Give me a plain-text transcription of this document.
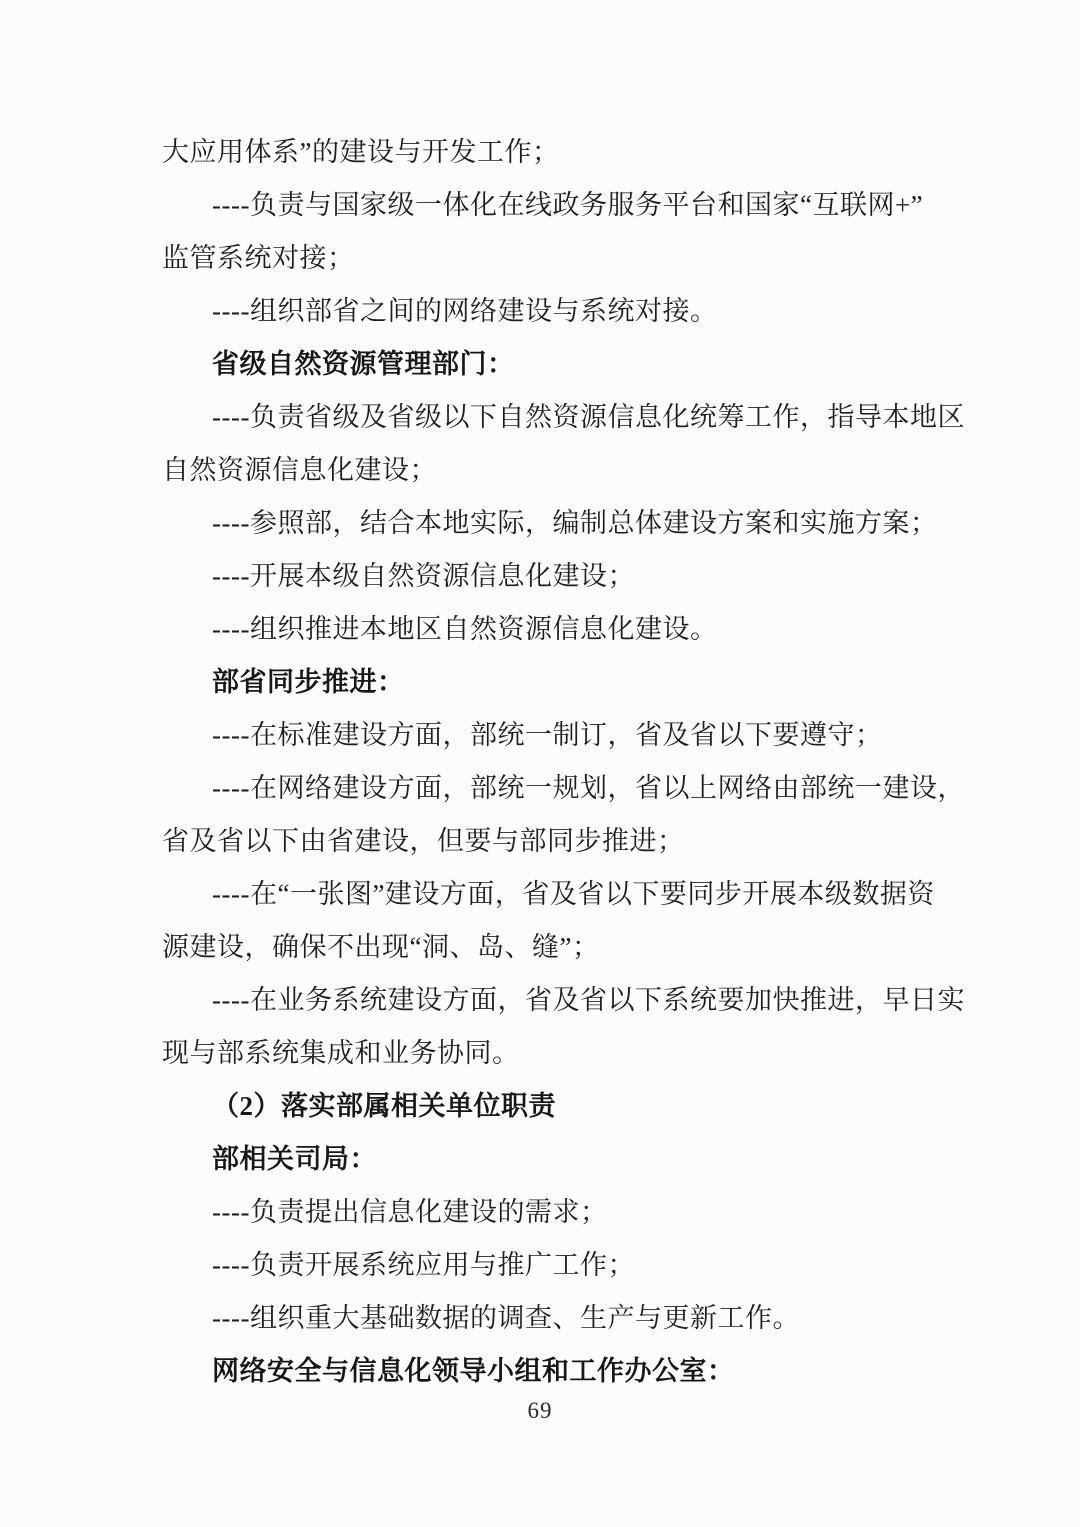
大应用体系”的建设与开发工作；

----负责与国家级一体化在线政务服务平台和国家“互联网+”

监管系统对接；

----组织部省之间的网络建设与系统对接。

省级自然资源管理部门：

----负责省级及省级以下自然资源信息化统筹工作，指导本地区

自然资源信息化建设；

----参照部，结合本地实际，编制总体建设方案和实施方案；

----开展本级自然资源信息化建设；

----组织推进本地区自然资源信息化建设。

部省同步推进：

----在标准建设方面，部统一制订，省及省以下要遵守；

----在网络建设方面，部统一规划，省以上网络由部统一建设，

省及省以下由省建设，但要与部同步推进；

----在“一张图”建设方面，省及省以下要同步开展本级数据资

源建设，确保不出现“洞、岛、缝”；

----在业务系统建设方面，省及省以下系统要加快推进，早日实

现与部系统集成和业务协同。

（2）落实部属相关单位职责

部相关司局：

----负责提出信息化建设的需求；

----负责开展系统应用与推广工作；

----组织重大基础数据的调查、生产与更新工作。

网络安全与信息化领导小组和工作办公室：

69
